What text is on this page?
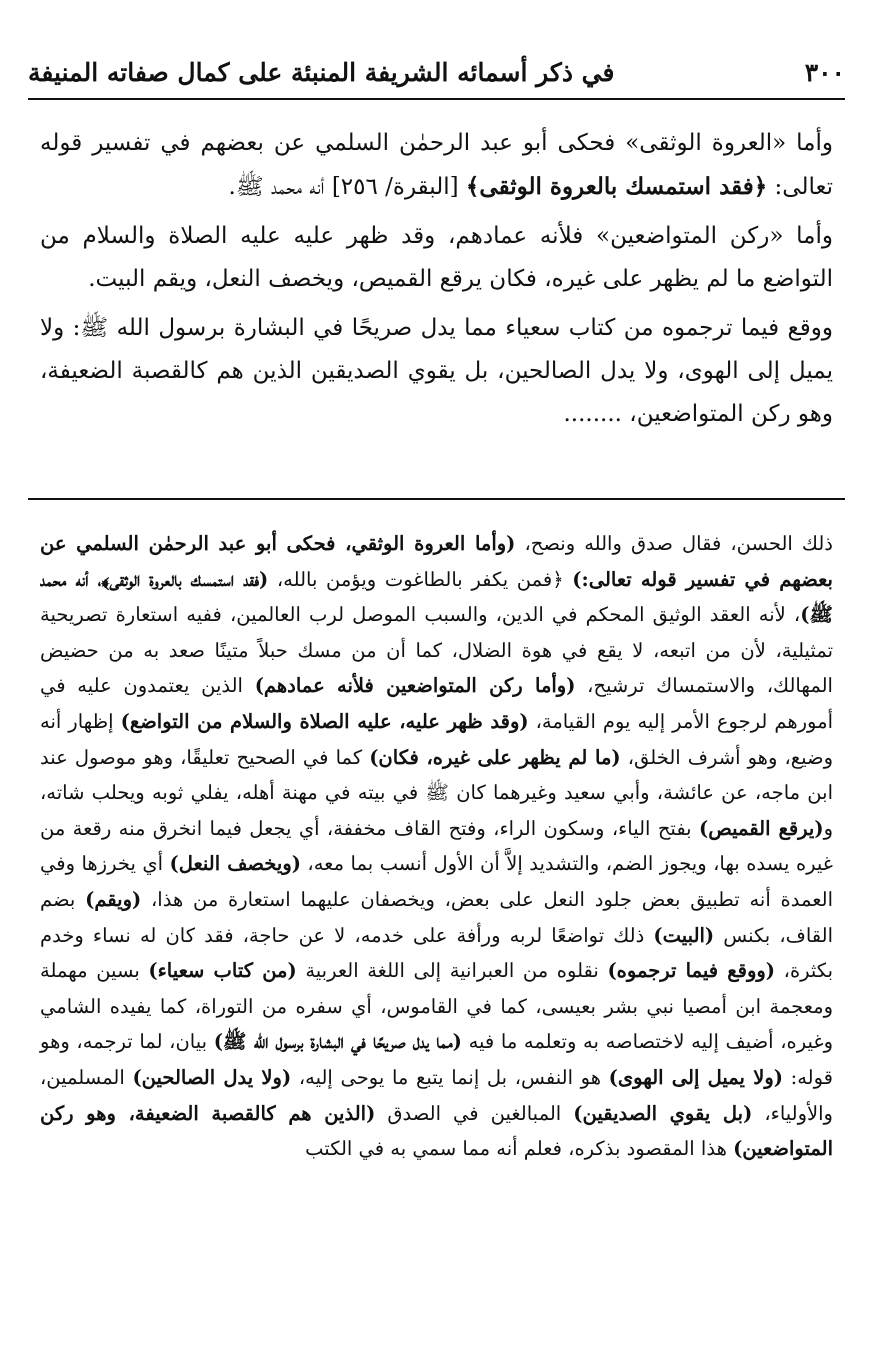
٣٠٠
في ذكر أسمائه الشريفة المنبئة على كمال صفاته المنيفة

وأما «العروة الوثقى» فحكى أبو عبد الرحمٰن السلمي عن بعضهم في تفسير قوله تعالى: ﴿فقد استمسك بالعروة الوثقى﴾ [البقرة/ ٢٥٦] أنه محمد ﷺ.

وأما «ركن المتواضعين» فلأنه عمادهم، وقد ظهر عليه عليه الصلاة والسلام من التواضع ما لم يظهر على غيره، فكان يرقع القميص، ويخصف النعل، ويقم البيت.

ووقع فيما ترجموه من كتاب سعياء مما يدل صريحًا في البشارة برسول الله ﷺ: ولا يميل إلى الهوى، ولا يدل الصالحين، بل يقوي الصديقين الذين هم كالقصبة الضعيفة، وهو ركن المتواضعين، ........

ذلك الحسن، فقال صدق والله ونصح، (وأما العروة الوثقي، فحكى أبو عبد الرحمٰن السلمي عن بعضهم في تفسير قوله تعالى:) ﴿فمن يكفر بالطاغوت ويؤمن بالله، (فقد استمسك بالعروة الوثقى﴾، أنه محمد ﷺ)، لأنه العقد الوثيق المحكم في الدين، والسبب الموصل لرب العالمين، ففيه استعارة تصريحية تمثيلية، لأن من اتبعه، لا يقع في هوة الضلال، كما أن من مسك حبلاً متينًا صعد به من حضيض المهالك، والاستمساك ترشيح، (وأما ركن المتواضعين فلأنه عمادهم) الذين يعتمدون عليه في أمورهم لرجوع الأمر إليه يوم القيامة، (وقد ظهر عليه، عليه الصلاة والسلام من التواضع) إظهار أنه وضيع، وهو أشرف الخلق، (ما لم يظهر على غيره، فكان) كما في الصحيح تعليقًا، وهو موصول عند ابن ماجه، عن عائشة، وأبي سعيد وغيرهما كان ﷺ في بيته في مهنة أهله، يفلي ثوبه ويحلب شاته، و(يرقع القميص) بفتح الياء، وسكون الراء، وفتح القاف مخففة، أي يجعل فيما انخرق منه رقعة من غيره يسده بها، ويجوز الضم، والتشديد إلاَّ أن الأول أنسب بما معه، (ويخصف النعل) أي يخرزها وفي العمدة أنه تطبيق بعض جلود النعل على بعض، ويخصفان عليهما استعارة من هذا، (ويقم) بضم القاف، بكنس (البيت) ذلك تواضعًا لربه ورأفة على خدمه، لا عن حاجة، فقد كان له نساء وخدم بكثرة، (ووقع فيما ترجموه) نقلوه من العبرانية إلى اللغة العربية (من كتاب سعياء) بسين مهملة ومعجمة ابن أمصيا نبي بشر بعيسى، كما في القاموس، أي سفره من التوراة، كما يفيده الشامي وغيره، أضيف إليه لاختصاصه به وتعلمه ما فيه (مما يدل صريحًا في البشارة برسول الله ﷺ) بيان، لما ترجمه، وهو قوله: (ولا يميل إلى الهوى) هو النفس، بل إنما يتبع ما يوحى إليه، (ولا يدل الصالحين) المسلمين، والأولياء، (بل يقوي الصديقين) المبالغين في الصدق (الذين هم كالقصبة الضعيفة، وهو ركن المتواضعين) هذا المقصود بذكره، فعلم أنه مما سمي به في الكتب
